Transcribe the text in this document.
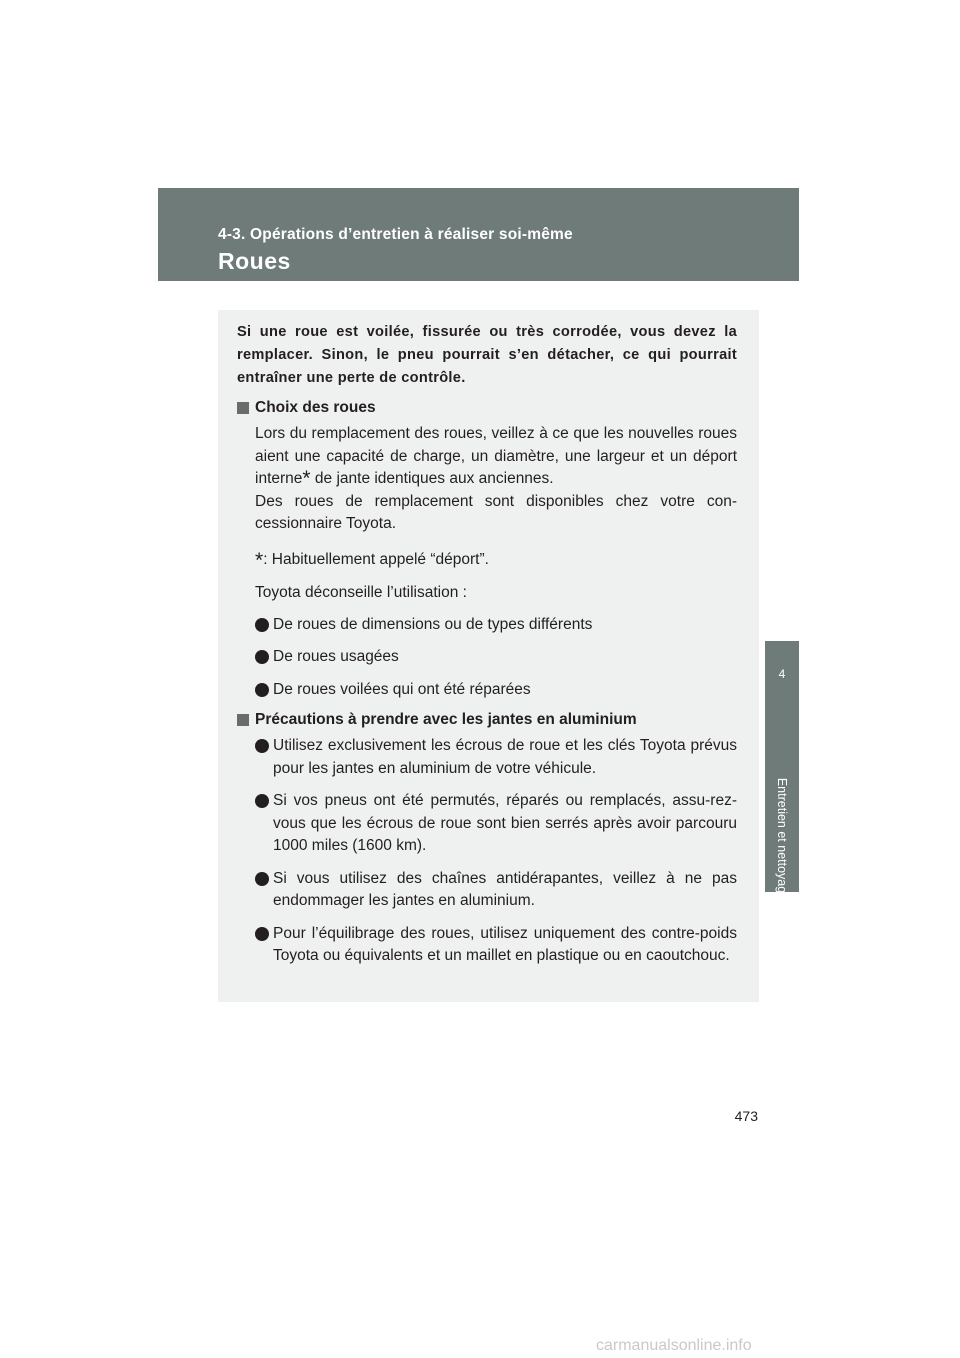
4-3. Opérations d’entretien à réaliser soi-même
Roues
4
Entretien et nettoyage
Si une roue est voilée, fissurée ou très corrodée, vous devez la remplacer. Sinon, le pneu pourrait s’en détacher, ce qui pourrait entraîner une perte de contrôle.
Choix des roues
Lors du remplacement des roues, veillez à ce que les nouvelles roues aient une capacité de charge, un diamètre, une largeur et un déport interne* de jante identiques aux anciennes.
Des roues de remplacement sont disponibles chez votre con-cessionnaire Toyota.
*: Habituellement appelé “déport”.
Toyota déconseille l’utilisation :
De roues de dimensions ou de types différents
De roues usagées
De roues voilées qui ont été réparées
Précautions à prendre avec les jantes en aluminium
Utilisez exclusivement les écrous de roue et les clés Toyota prévus pour les jantes en aluminium de votre véhicule.
Si vos pneus ont été permutés, réparés ou remplacés, assu-rez-vous que les écrous de roue sont bien serrés après avoir parcouru 1000 miles (1600 km).
Si vous utilisez des chaînes antidérapantes, veillez à ne pas endommager les jantes en aluminium.
Pour l’équilibrage des roues, utilisez uniquement des contre-poids Toyota ou équivalents et un maillet en plastique ou en caoutchouc.
473
carmanualsonline.info
